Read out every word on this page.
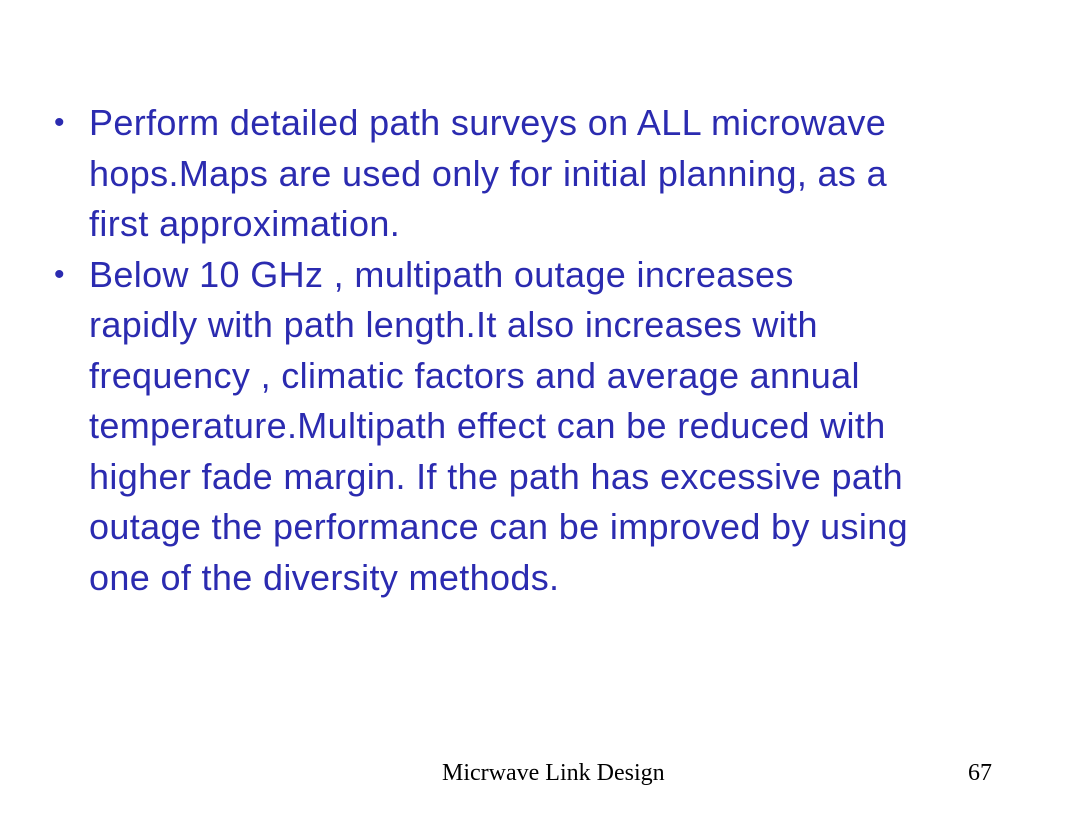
• Perform detailed path surveys on ALL microwave
hops.Maps are used only for initial planning, as a
first approximation.
• Below 10 GHz , multipath outage increases
rapidly with path length.It also increases with
frequency , climatic factors and average annual
temperature.Multipath effect can be reduced with
higher fade margin. If the path has excessive path
outage the performance can be improved by using
one of the diversity methods.
Micrwave Link Design	67
